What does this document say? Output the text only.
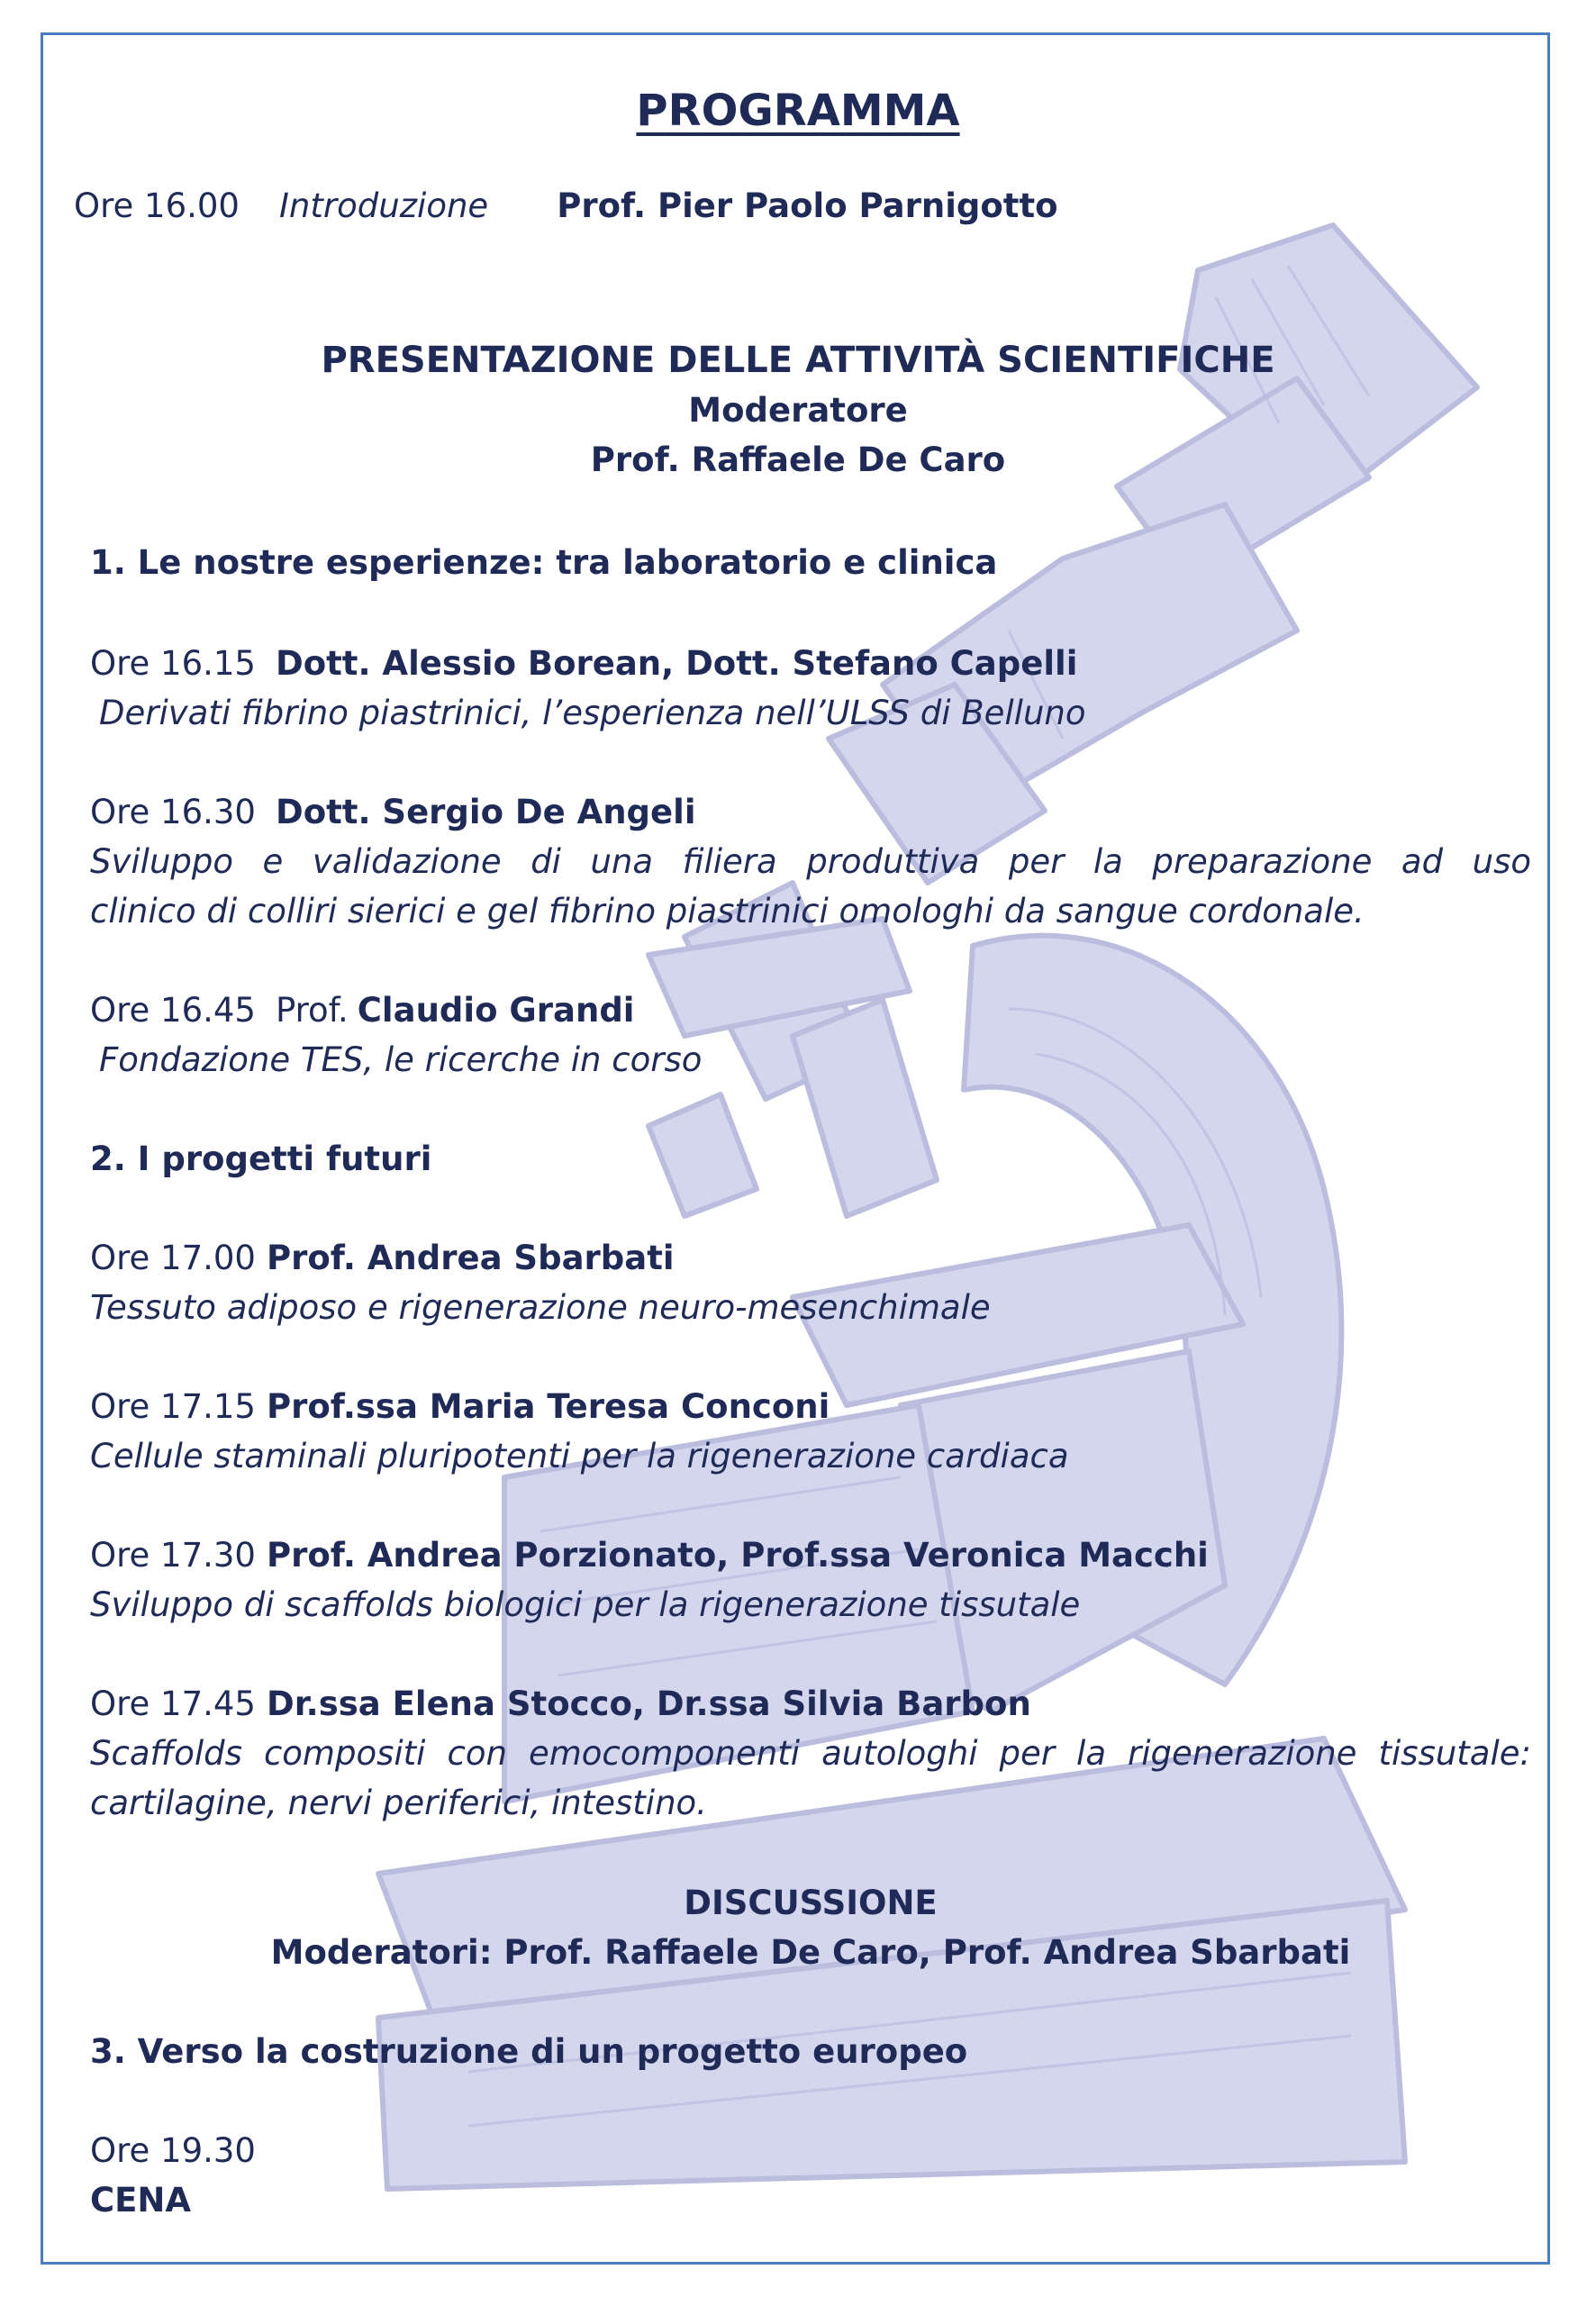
PROGRAMMA
Ore 16.00 Introduzione Prof. Pier Paolo Parnigotto
PRESENTAZIONE DELLE ATTIVITÀ SCIENTIFICHE
Moderatore
Prof. Raffaele De Caro
1. Le nostre esperienze: tra laboratorio e clinica
Ore 16.15 Dott. Alessio Borean, Dott. Stefano Capelli
Derivati fibrino piastrinici, l’esperienza nell’ULSS di Belluno
Ore 16.30 Dott. Sergio De Angeli
Sviluppo e validazione di una filiera produttiva per la preparazione ad uso
clinico di colliri sierici e gel fibrino piastrinici omologhi da sangue cordonale.
Ore 16.45 Prof. Claudio Grandi
Fondazione TES, le ricerche in corso
2. I progetti futuri
Ore 17.00 Prof. Andrea Sbarbati
Tessuto adiposo e rigenerazione neuro-mesenchimale
Ore 17.15 Prof.ssa Maria Teresa Conconi
Cellule staminali pluripotenti per la rigenerazione cardiaca
Ore 17.30 Prof. Andrea Porzionato, Prof.ssa Veronica Macchi
Sviluppo di scaffolds biologici per la rigenerazione tissutale
Ore 17.45 Dr.ssa Elena Stocco, Dr.ssa Silvia Barbon
Scaffolds compositi con emocomponenti autologhi per la rigenerazione tissutale:
cartilagine, nervi periferici, intestino.
DISCUSSIONE
Moderatori: Prof. Raffaele De Caro, Prof. Andrea Sbarbati
3. Verso la costruzione di un progetto europeo
Ore 19.30
CENA
